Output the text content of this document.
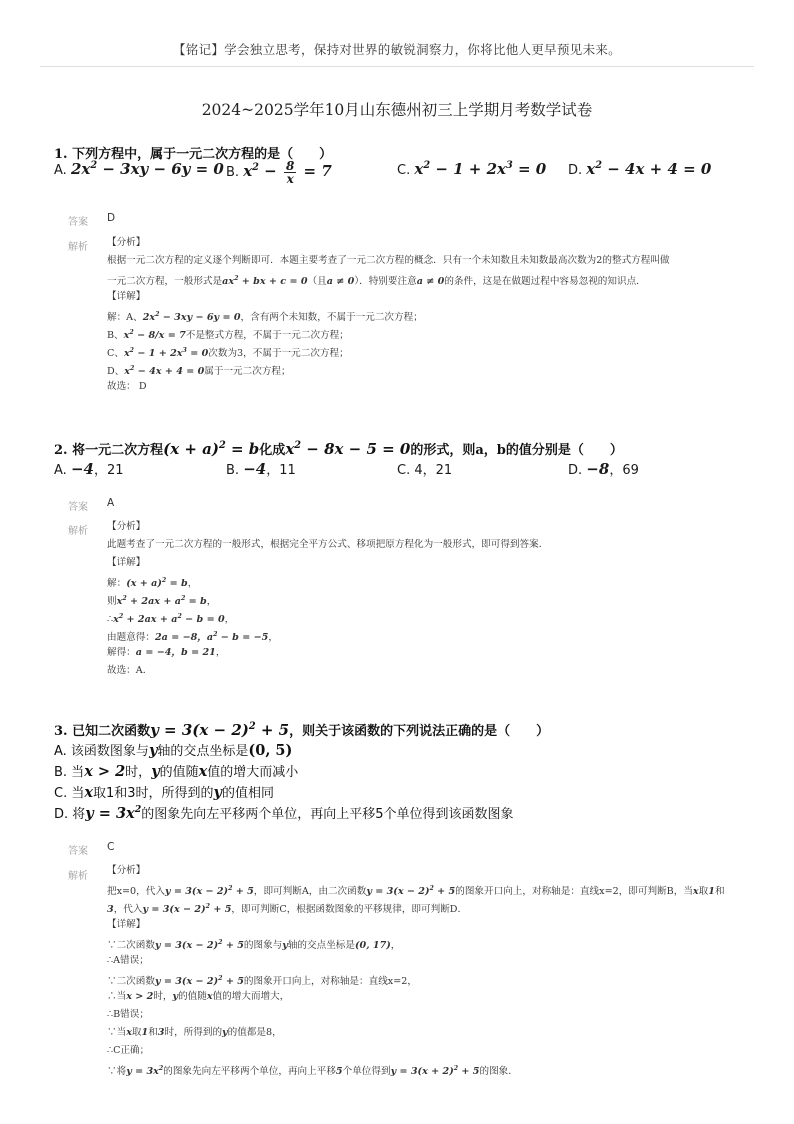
【铭记】学会独立思考，保持对世界的敏锐洞察力，你将比他人更早预见未来。
2024~2025学年10月山东德州初三上学期月考数学试卷
1. 下列方程中，属于一元二次方程的是（　　）
A. $2x^2 - 3xy - 6y = 0$ B. $x^2 - \frac{8}{x} = 7$	C. $x^2 - 1 + 2x^3 = 0$ D. $x^2 - 4x + 4 = 0$
答案 D
解析 【分析】
根据一元二次方程的定义逐个判断即可．本题主要考查了一元二次方程的概念．只有一个未知数且未知数最高次数为2的整式方程叫做
一元二次方程，一般形式是$ax^2$ + bx + c = 0（且a ≠ 0）．特别要注意a ≠ 0的条件，这是在做题过程中容易忽视的知识点．
【详解】
解：A、$2x^2 - 3xy - 6y = 0$，含有两个未知数，不属于一元二次方程；
B、$x^2 - 8/x = 7$不是整式方程，不属于一元二次方程；
C、$x^2 - 1 + 2x^3 = 0$次数为3，不属于一元二次方程；
D、$x^2 - 4x + 4 = 0$属于一元二次方程；
故选： D
2. 将一元二次方程$(x + a)^2 = b$化成$x^2 - 8x - 5 = 0$的形式，则a，b的值分别是（　　）
A. −4，21	B. −4，11	C. 4，21	D. −8，69
答案 A
解析 【分析】
此题考查了一元二次方程的一般形式，根据完全平方公式、移项把原方程化为一般形式，即可得到答案．
【详解】
解：$(x + a)^2 = b$，
则$x^2 + 2ax + a^2 = b$，
$\therefore x^2 + 2ax + a^2 - b = 0$，
由题意得：2a = −8，$a^2 - b = -5$，
解得：a = −4，b = 21，
故选：A．
3. 已知二次函数$y = 3(x - 2)^2 + 5$，则关于该函数的下列说法正确的是（　　）
A. 该函数图象与y轴的交点坐标是(0, 5)
B. 当x > 2时，y的值随x值的增大而减小
C. 当x取1和3时，所得到的y的值相同
D. 将$y = 3x^2$的图象先向左平移两个单位，再向上平移5个单位得到该函数图象
答案 C
解析
【分析】
把x=0，代入$y = 3(x - 2)^2 + 5$，即可判断A，由二次函数$y = 3(x - 2)^2 + 5$的图象开口向上，对称轴是：直线x=2，即可判断B，当x取1和
3，代入$y = 3(x - 2)^2 + 5$，即可判断C，根据函数图象的平移规律，即可判断D．
【详解】
∵二次函数$y = 3(x - 2)^2 + 5$的图象与y轴的交点坐标是(0, 17)，
∴A错误；
∵二次函数$y = 3(x - 2)^2 + 5$的图象开口向上，对称轴是：直线x=2，
∴当x > 2时，y的值随x值的增大而增大，
∴B错误；
∵当x取1和3时，所得到的y的值都是8，
∴C正确；
∵将$y = 3x^2$的图象先向左平移两个单位，再向上平移5个单位得到$y = 3(x + 2)^2 + 5$的图象．
